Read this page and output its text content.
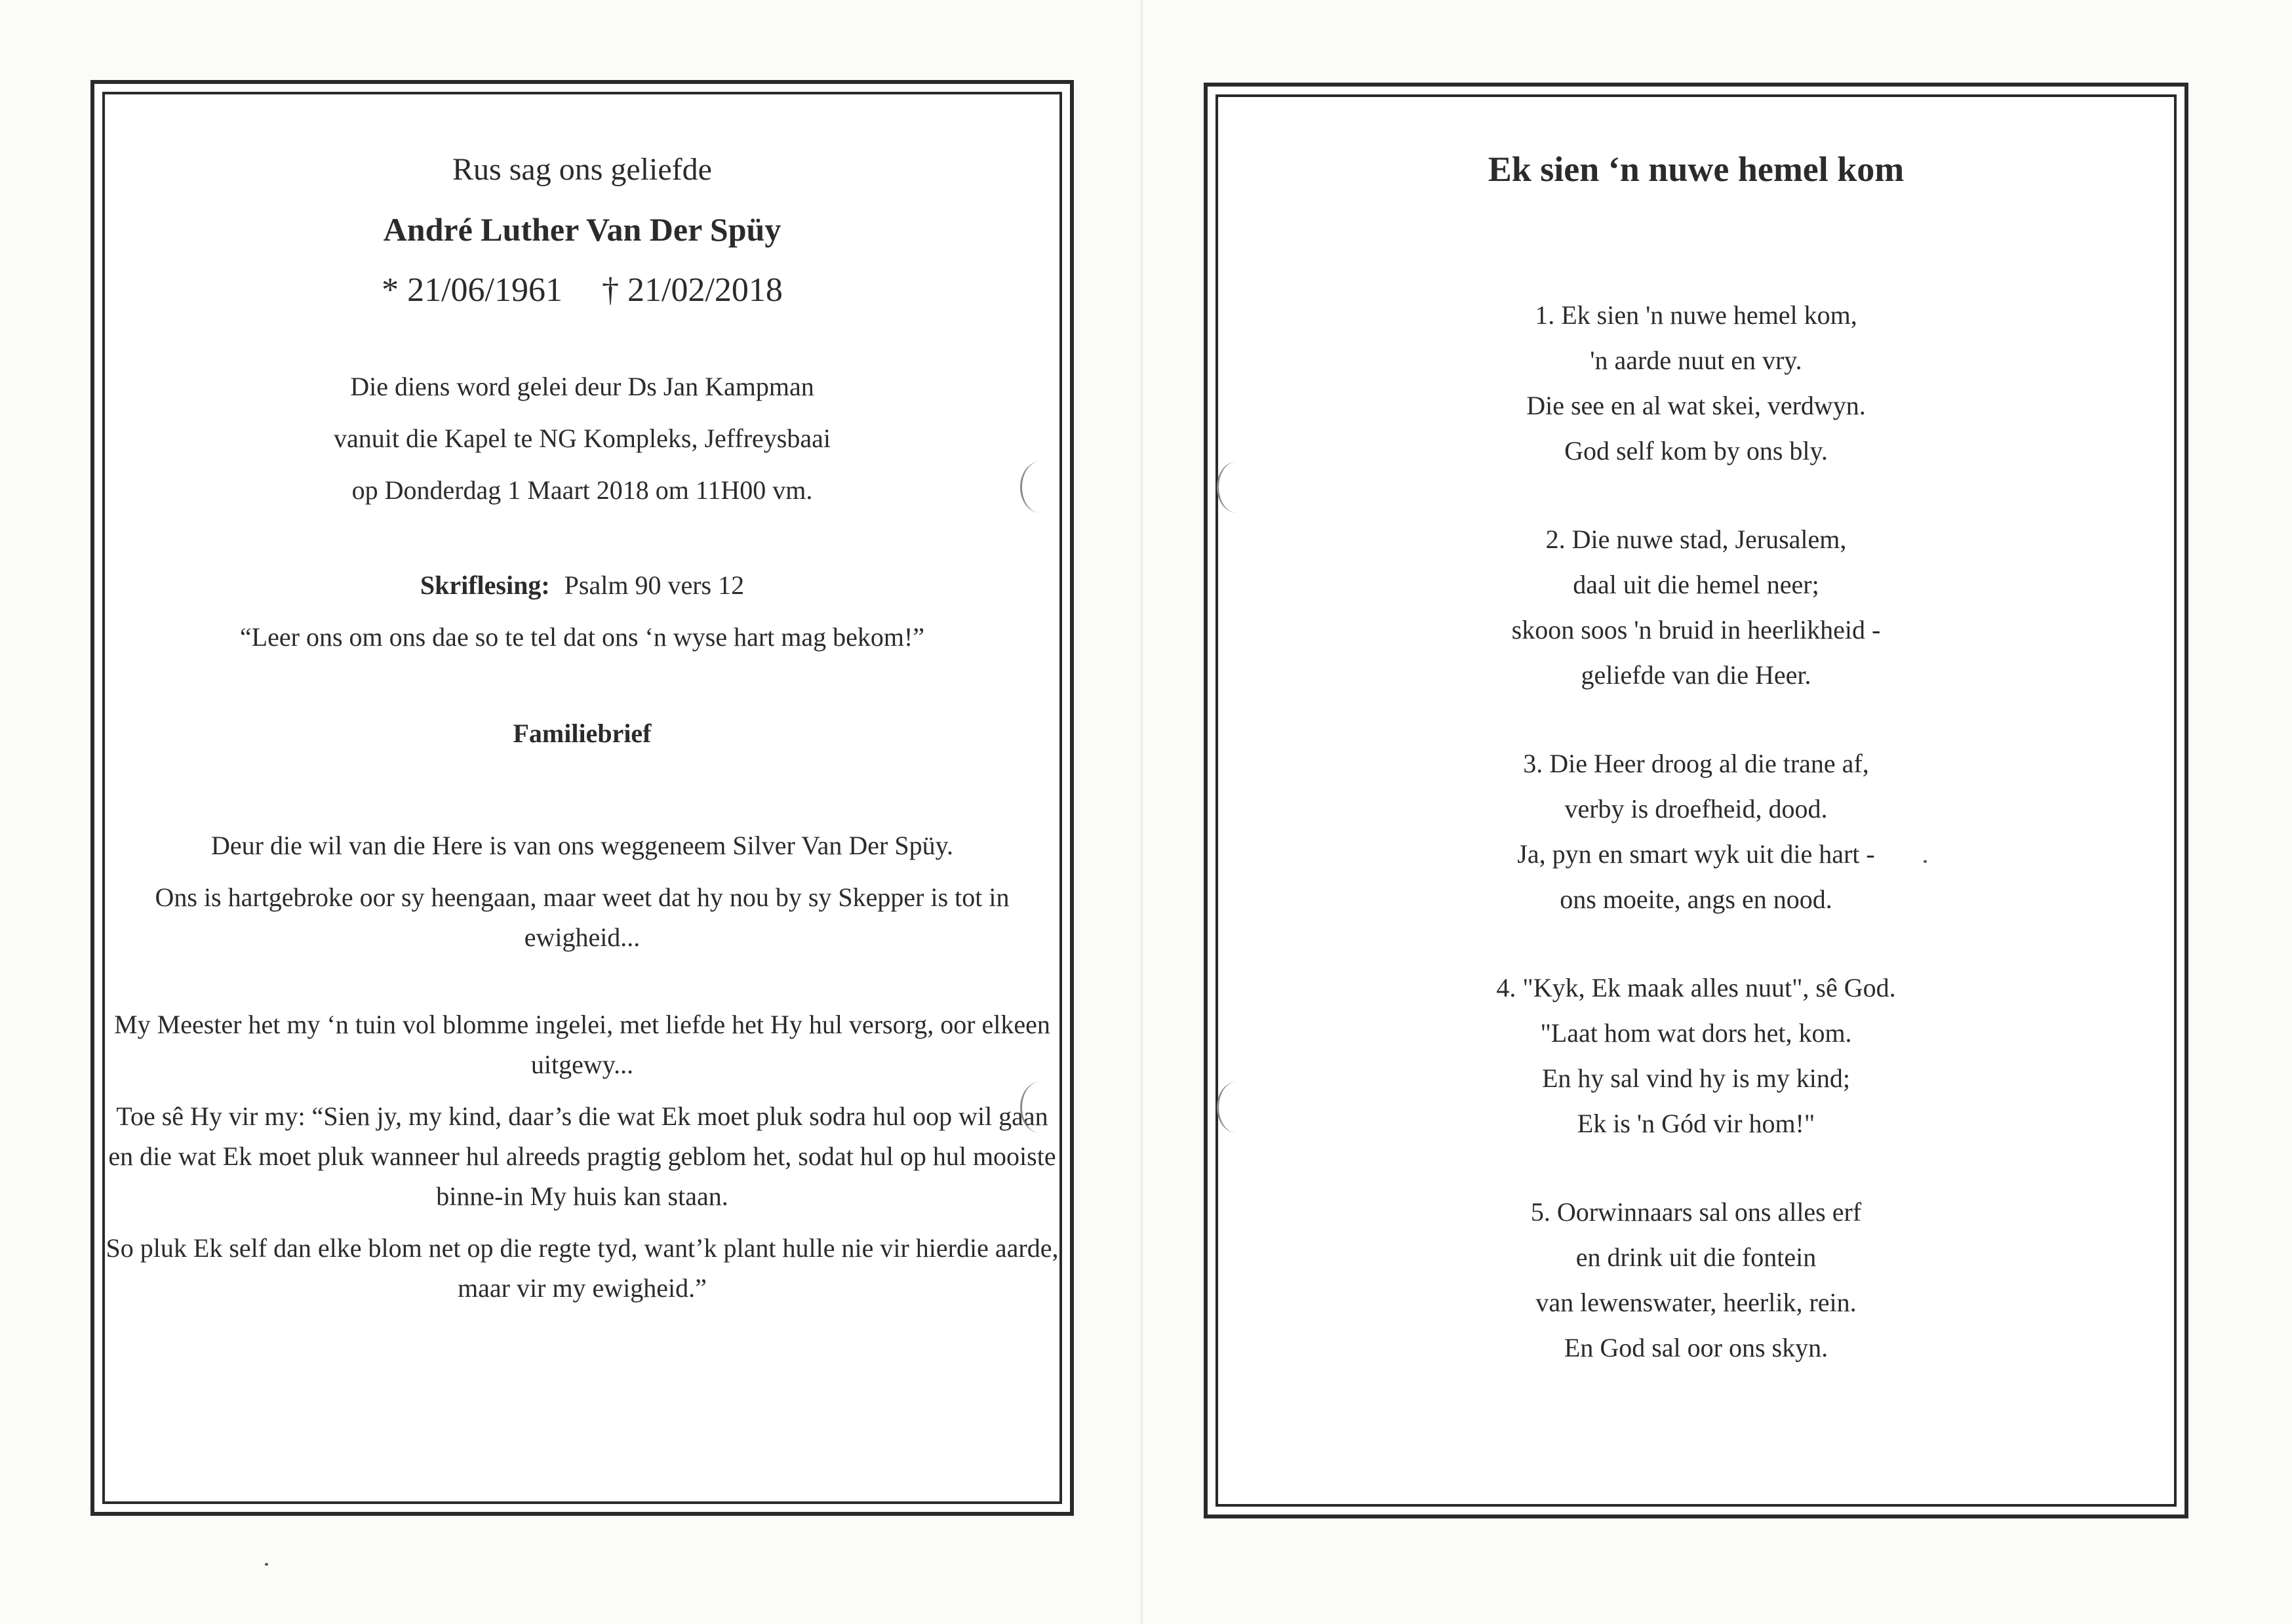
Rus sag ons geliefde

André Luther Van Der Spüy

* 21/06/1961 † 21/02/2018

Die diens word gelei deur Ds Jan Kampman

vanuit die Kapel te NG Kompleks, Jeffreysbaai

op Donderdag 1 Maart 2018 om 11H00 vm.

Skriflesing: Psalm 90 vers 12

“Leer ons om ons dae so te tel dat ons ‘n wyse hart mag bekom!”

Familiebrief

Deur die wil van die Here is van ons weggeneem Silver Van Der Spüy.

Ons is hartgebroke oor sy heengaan, maar weet dat hy nou by sy Skepper is tot in ewigheid...

My Meester het my ‘n tuin vol blomme ingelei, met liefde het Hy hul versorg, oor elkeen uitgewy...

Toe sê Hy vir my: “Sien jy, my kind, daar’s die wat Ek moet pluk sodra hul oop wil gaan en die wat Ek moet pluk wanneer hul alreeds pragtig geblom het, sodat hul op hul mooiste binne-in My huis kan staan.

So pluk Ek self dan elke blom net op die regte tyd, want’k plant hulle nie vir hierdie aarde, maar vir my ewigheid.”

Ek sien ‘n nuwe hemel kom

1. Ek sien 'n nuwe hemel kom,

'n aarde nuut en vry.

Die see en al wat skei, verdwyn.

God self kom by ons bly.

2. Die nuwe stad, Jerusalem,

daal uit die hemel neer;

skoon soos 'n bruid in heerlikheid -

geliefde van die Heer.

3. Die Heer droog al die trane af,

verby is droefheid, dood.

Ja, pyn en smart wyk uit die hart -

ons moeite, angs en nood.

4. "Kyk, Ek maak alles nuut", sê God.

"Laat hom wat dors het, kom.

En hy sal vind hy is my kind;

Ek is 'n Gód vir hom!"

5. Oorwinnaars sal ons alles erf

en drink uit die fontein

van lewenswater, heerlik, rein.

En God sal oor ons skyn.
